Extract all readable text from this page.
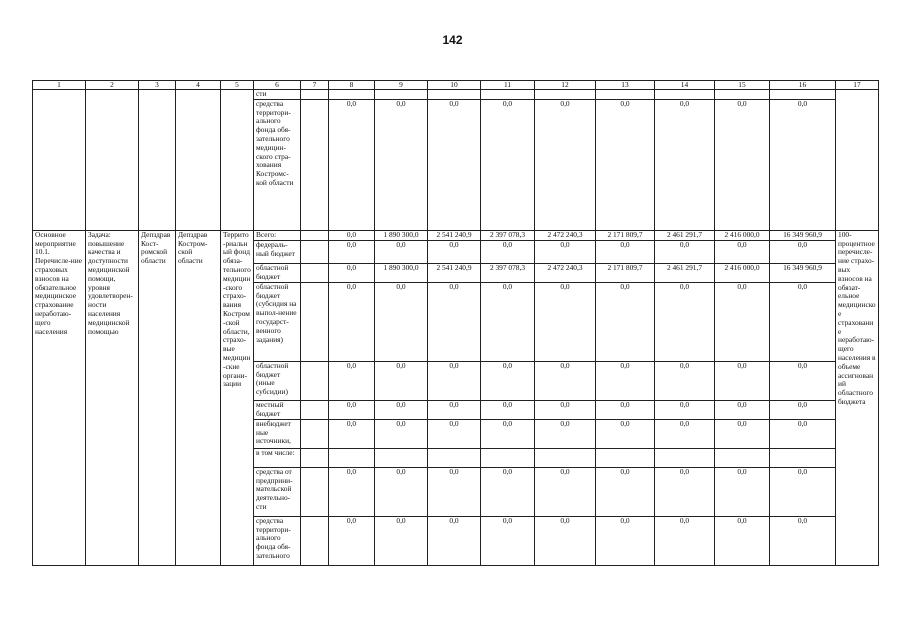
142
1	2	3	4	5	6	7	8	9	10	11	12	13	14	15	16	17
					сти											
					средства территори-ального фонда обя-зательного медицин-ского стра-хования Костромс-кой области		0,0	0,0	0,0	0,0	0,0	0,0	0,0	0,0	0,0	
Основное мероприятие 10.1. Перечисле-ние страховых взносов на обязательное медицинское страхование неработаю-щего населения	Задача: повышение качества и доступности медицинской помощи, уровня удовлетворен-ности населения медицинской помощью	Депздрав Кост-ромской области	Депздрав Костром-ской области	Террито-риальный фонд обяза-тельного медицин-ского страхо-вания Костром-ской области, страхо-вые медицин-ские органи-зации	Всего:		0,0	1 890 300,0	2 541 240,9	2 397 078,3	2 472 240,3	2 171 809,7	2 461 291,7	2 416 000,0	16 349 960,9	100-процентное перечисле-ние страхо-вых взносов на обязат-ельное медицинское страхование неработаю-щего населения в объеме ассигнований областного бюджета
					федераль-ный бюджет		0,0	0,0	0,0	0,0	0,0	0,0	0,0	0,0	0,0	
					областной бюджет		0,0	1 890 300,0	2 541 240,9	2 397 078,3	2 472 240,3	2 171 809,7	2 461 291,7	2 416 000,0	16 349 960,9	
					областной бюджет (субсидия на выпол-нение государст-венного задания)		0,0	0,0	0,0	0,0	0,0	0,0	0,0	0,0	0,0	
					областной бюджет (иные субсидии)		0,0	0,0	0,0	0,0	0,0	0,0	0,0	0,0	0,0	
					местный бюджет		0,0	0,0	0,0	0,0	0,0	0,0	0,0	0,0	0,0	
					внебюджет ные источники,		0,0	0,0	0,0	0,0	0,0	0,0	0,0	0,0	0,0	
					в том числе:											
					средства от предприни-мательской деятельно-сти		0,0	0,0	0,0	0,0	0,0	0,0	0,0	0,0	0,0	
					средства территори-ального фонда обя-зательного		0,0	0,0	0,0	0,0	0,0	0,0	0,0	0,0	0,0	
